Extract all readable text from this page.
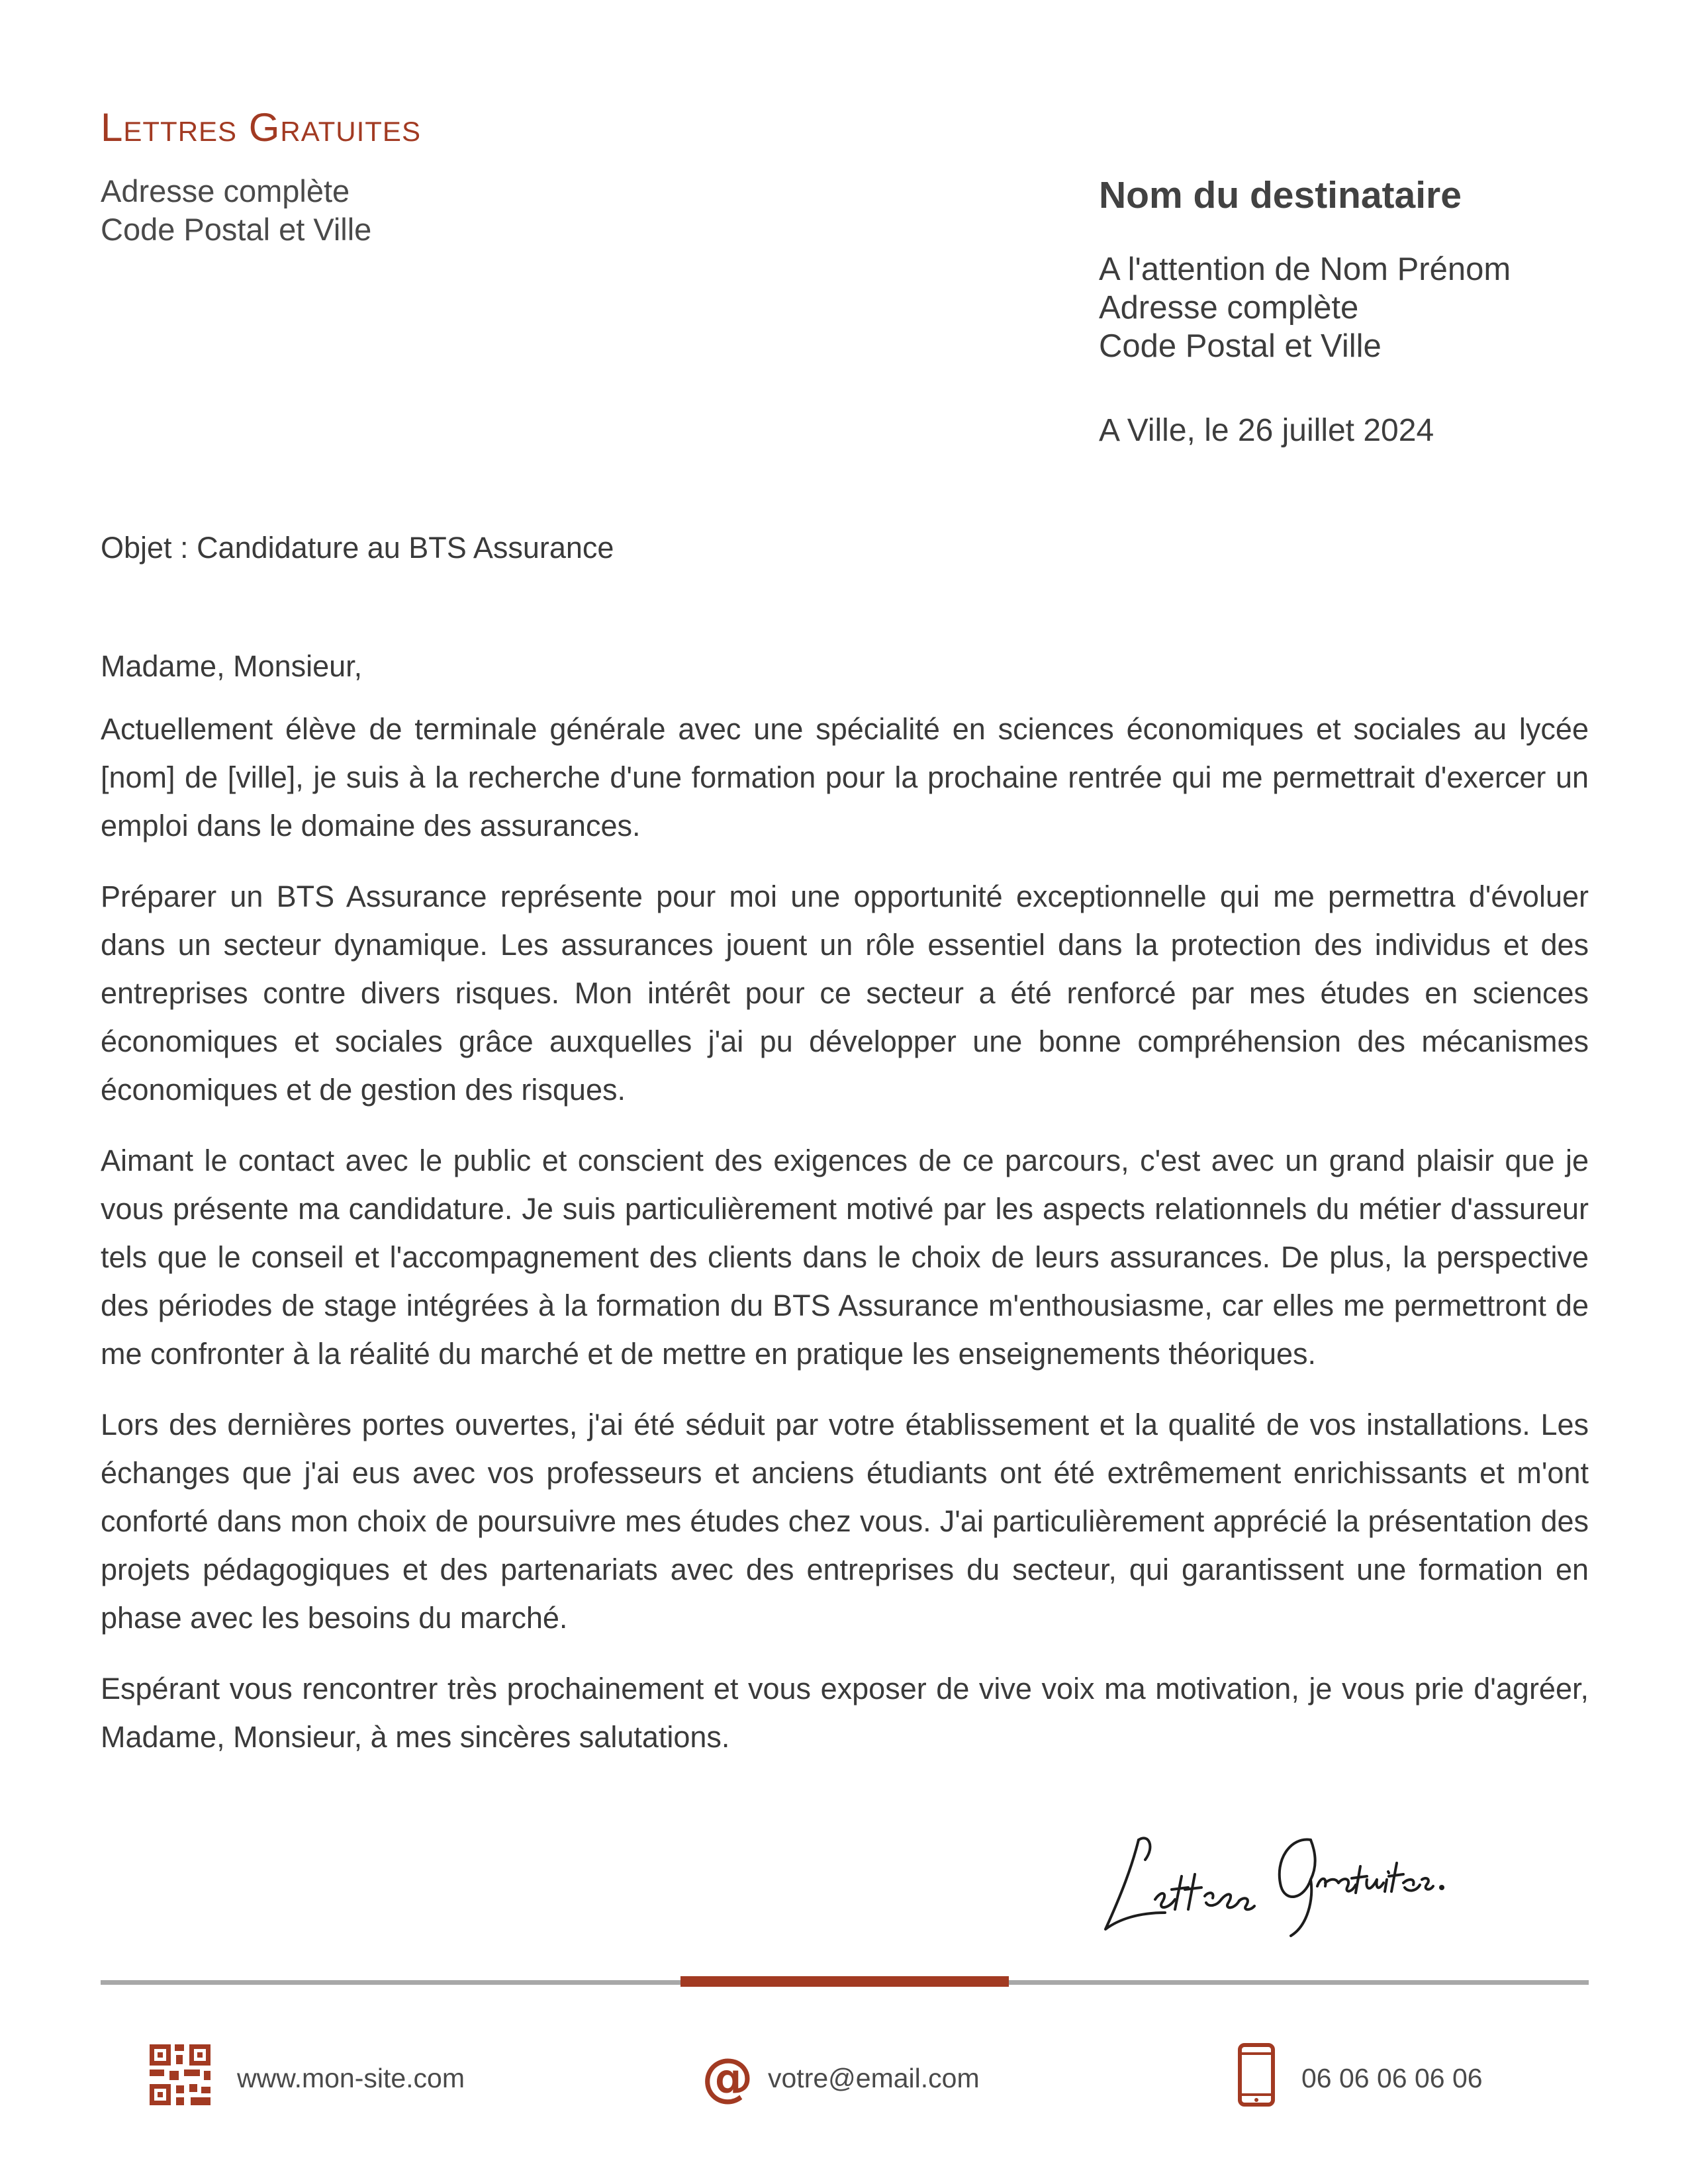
Lettres Gratuites
Adresse complète
Code Postal et Ville
Nom du destinataire
A l'attention de Nom Prénom
Adresse complète
Code Postal et Ville
A Ville, le 26 juillet 2024
Objet : Candidature au BTS Assurance

Madame, Monsieur,

Actuellement élève de terminale générale avec une spécialité en sciences économiques et sociales au lycée [nom] de [ville], je suis à la recherche d'une formation pour la prochaine rentrée qui me permettrait d'exercer un emploi dans le domaine des assurances.

Préparer un BTS Assurance représente pour moi une opportunité exceptionnelle qui me permettra d'évoluer dans un secteur dynamique. Les assurances jouent un rôle essentiel dans la protection des individus et des entreprises contre divers risques. Mon intérêt pour ce secteur a été renforcé par mes études en sciences économiques et sociales grâce auxquelles j'ai pu développer une bonne compréhension des mécanismes économiques et de gestion des risques.

Aimant le contact avec le public et conscient des exigences de ce parcours, c'est avec un grand plaisir que je vous présente ma candidature. Je suis particulièrement motivé par les aspects relationnels du métier d'assureur tels que le conseil et l'accompagnement des clients dans le choix de leurs assurances. De plus, la perspective des périodes de stage intégrées à la formation du BTS Assurance m'enthousiasme, car elles me permettront de me confronter à la réalité du marché et de mettre en pratique les enseignements théoriques.

Lors des dernières portes ouvertes, j'ai été séduit par votre établissement et la qualité de vos installations. Les échanges que j'ai eus avec vos professeurs et anciens étudiants ont été extrêmement enrichissants et m'ont conforté dans mon choix de poursuivre mes études chez vous. J'ai particulièrement apprécié la présentation des projets pédagogiques et des partenariats avec des entreprises du secteur, qui garantissent une formation en phase avec les besoins du marché.

Espérant vous rencontrer très prochainement et vous exposer de vive voix ma motivation, je vous prie d'agréer, Madame, Monsieur, à mes sincères salutations.

www.mon-site.com	@ votre@email.com	06 06 06 06 06
